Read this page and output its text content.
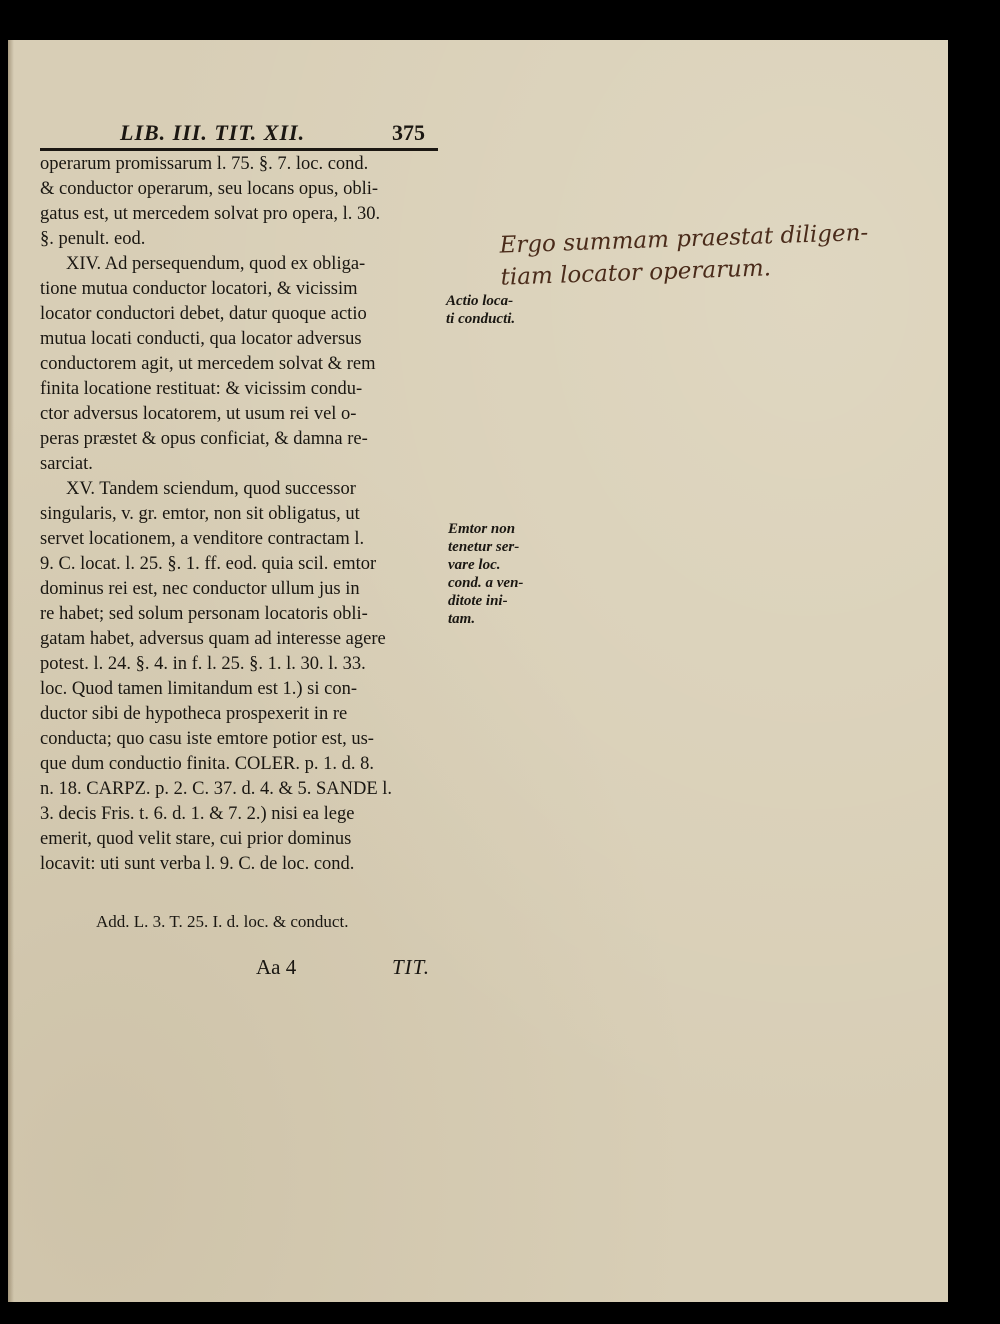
LIB. III. TIT. XII.	375
operarum promissarum l. 75. §. 7. loc. cond.
& conductor operarum, seu locans opus, obli-
gatus est, ut mercedem solvat pro opera, l. 30.
§. penult. eod.
XIV. Ad persequendum, quod ex obliga-
tione mutua conductor locatori, & vicissim
locator conductori debet, datur quoque actio
mutua locati conducti, qua locator adversus
conductorem agit, ut mercedem solvat & rem
finita locatione restituat: & vicissim condu-
ctor adversus locatorem, ut usum rei vel o-
peras præstet & opus conficiat, & damna re-
sarciat.
XV. Tandem sciendum, quod successor
singularis, v. gr. emtor, non sit obligatus, ut
servet locationem, a venditore contractam l.
9. C. locat. l. 25. §. 1. ff. eod. quia scil. emtor
dominus rei est, nec conductor ullum jus in
re habet; sed solum personam locatoris obli-
gatam habet, adversus quam ad interesse agere
potest. l. 24. §. 4. in f. l. 25. §. 1. l. 30. l. 33.
loc. Quod tamen limitandum est 1.) si con-
ductor sibi de hypotheca prospexerit in re
conducta; quo casu iste emtore potior est, us-
que dum conductio finita. COLER. p. 1. d. 8.
n. 18. CARPZ. p. 2. C. 37. d. 4. & 5. SANDE l.
3. decis Fris. t. 6. d. 1. & 7. 2.) nisi ea lege
emerit, quod velit stare, cui prior dominus
locavit: uti sunt verba l. 9. C. de loc. cond.
Actio loca-
ti conducti.
Emtor non
tenetur ser-
vare loc.
cond. a ven-
ditote ini-
tam.
Ergo summam praestat diligen-
tiam locator operarum.
Add. L. 3. T. 25. I. d. loc. & conduct.
Aa 4	TIT.
